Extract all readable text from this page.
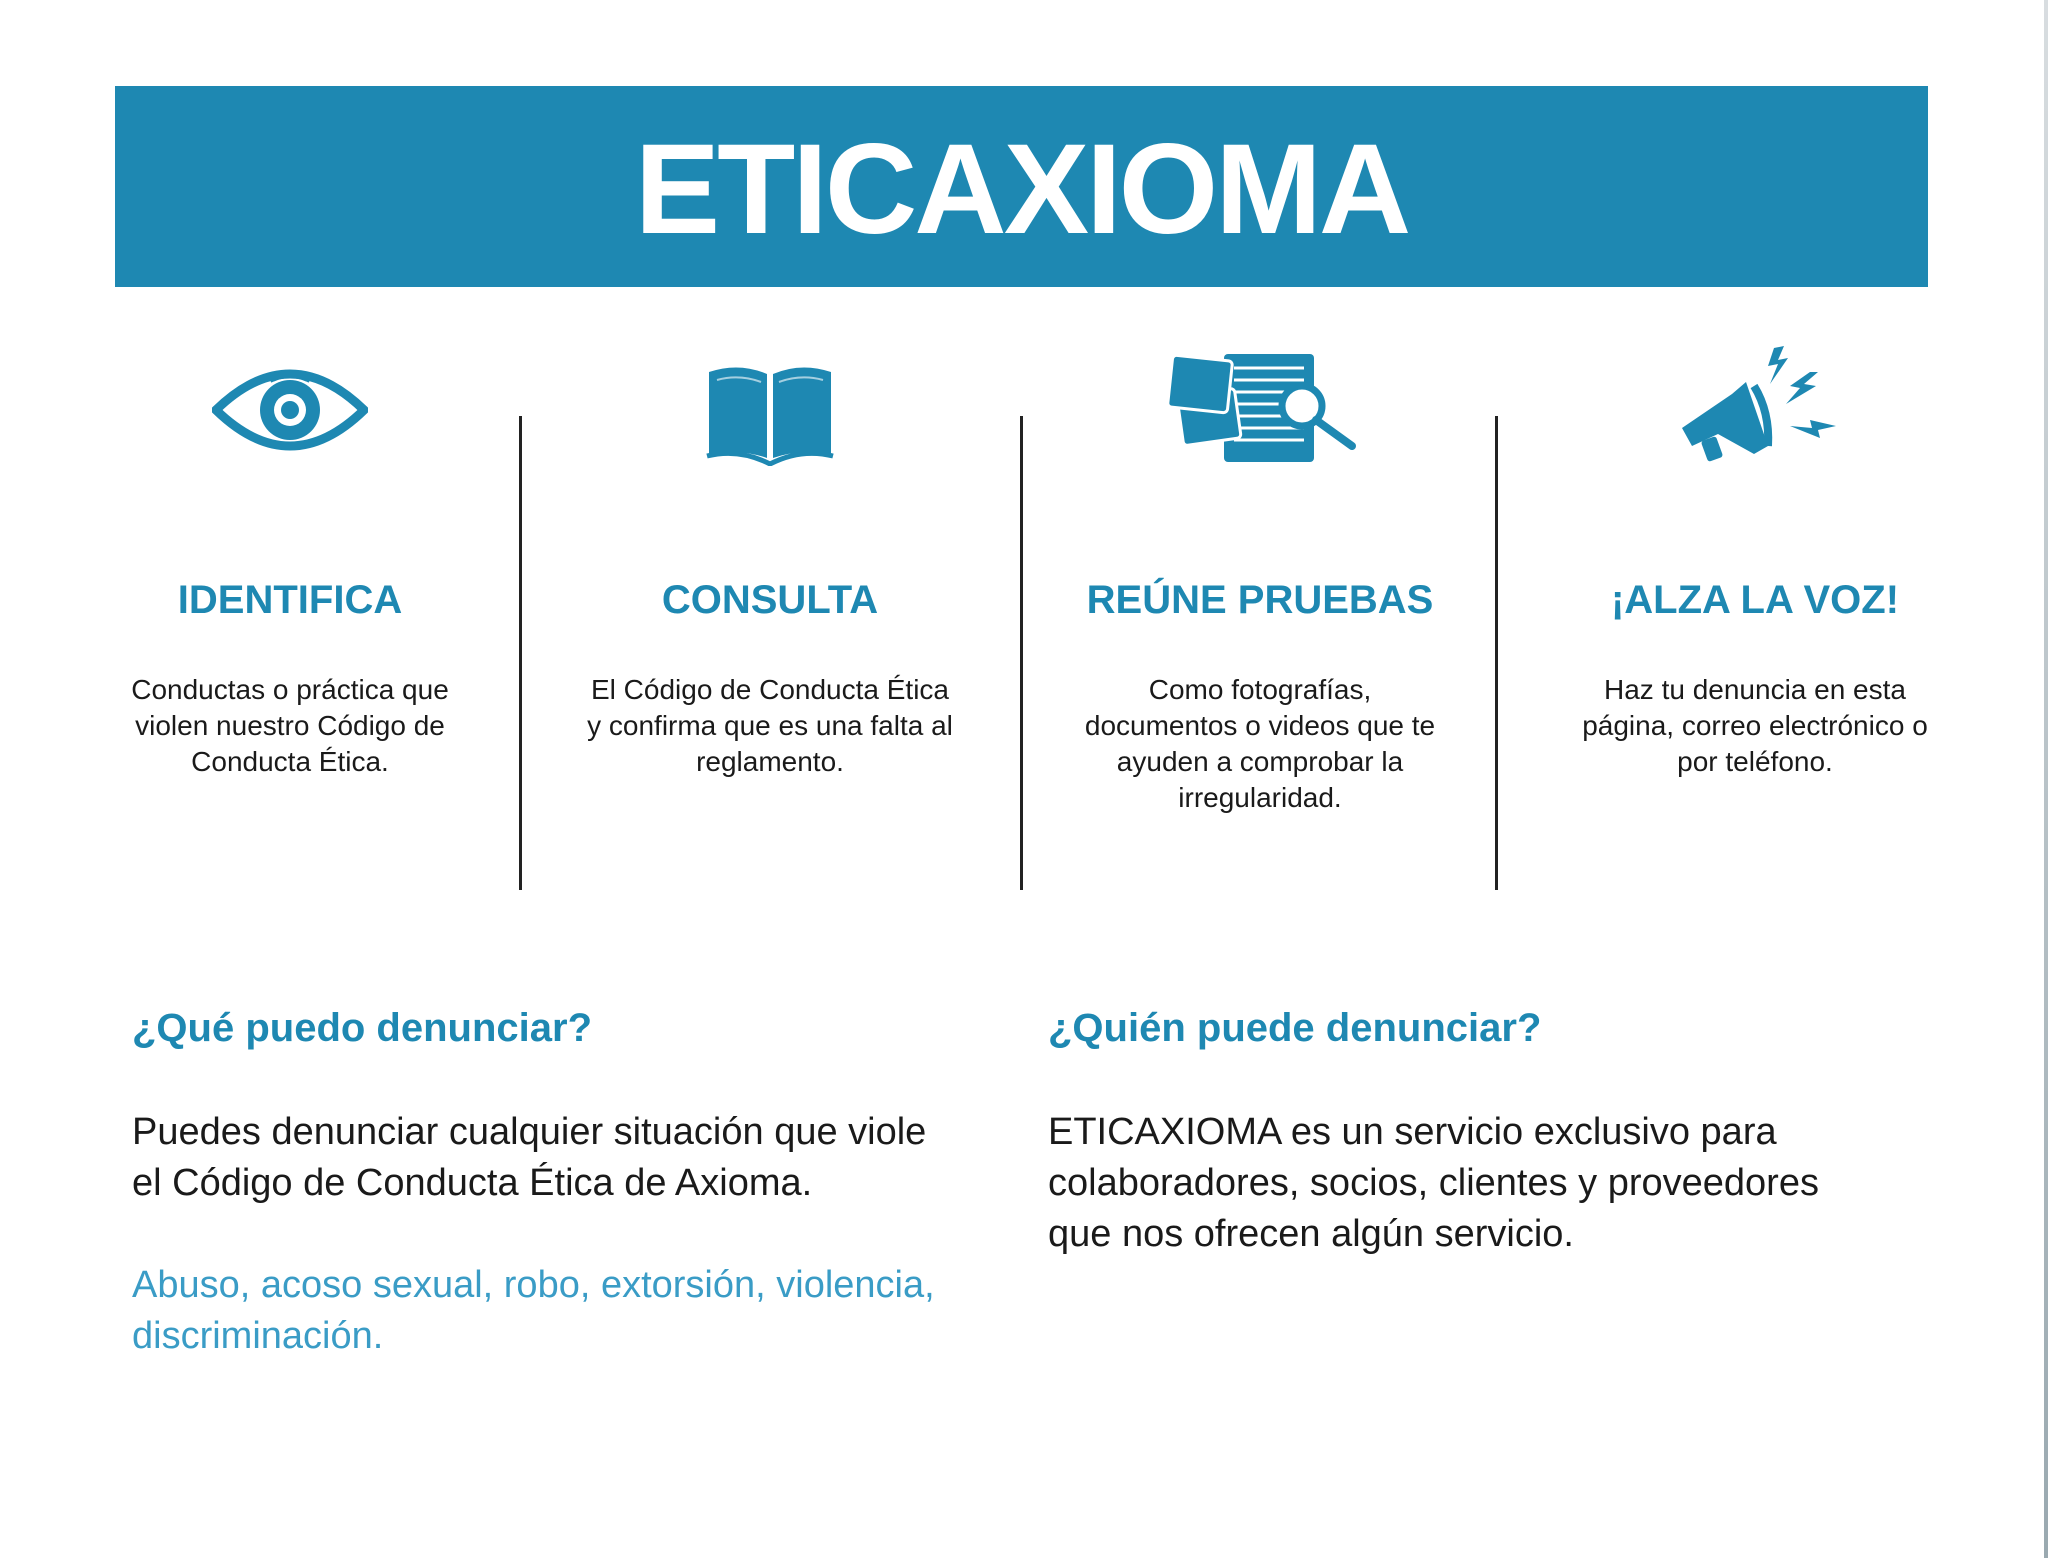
ETICAXIOMA
IDENTIFICA
Conductas o práctica que
violen nuestro Código de
Conducta Ética.
CONSULTA
El Código de Conducta Ética
y confirma que es una falta al
reglamento.
REÚNE PRUEBAS
Como fotografías,
documentos o videos que te
ayuden a comprobar la
irregularidad.
¡ALZA LA VOZ!
Haz tu denuncia en esta
página, correo electrónico o
por teléfono.
¿Qué puedo denunciar?
Puedes denunciar cualquier situación que viole
el Código de Conducta Ética de Axioma.
Abuso, acoso sexual, robo, extorsión, violencia,
discriminación.
¿Quién puede denunciar?
ETICAXIOMA es un servicio exclusivo para
colaboradores, socios, clientes y proveedores
que nos ofrecen algún servicio.
